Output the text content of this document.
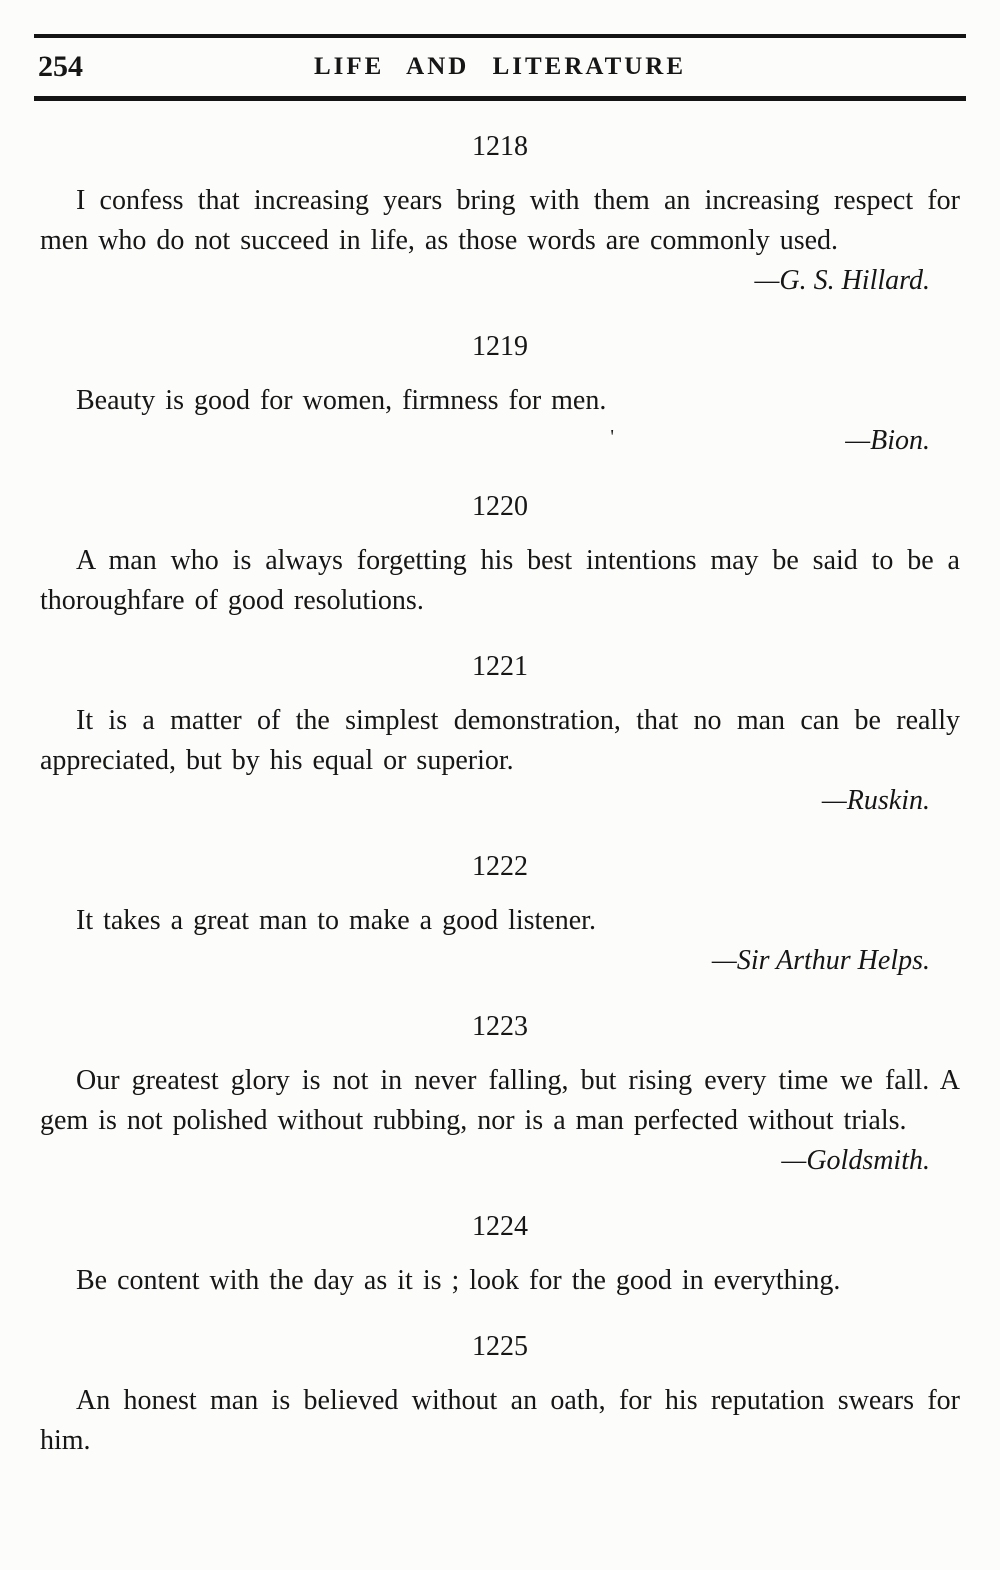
254	LIFE AND LITERATURE
1218

I confess that increasing years bring with them an increasing respect for men who do not succeed in life, as those words are commonly used.

—G. S. Hillard.
1219

Beauty is good for women, firmness for men.

'	—Bion.
1220

A man who is always forgetting his best intentions may be said to be a thoroughfare of good resolutions.

1221

It is a matter of the simplest demonstration, that no man can be really appreciated, but by his equal or superior.

—Ruskin.
1222

It takes a great man to make a good listener.

—Sir Arthur Helps.
1223

Our greatest glory is not in never falling, but rising every time we fall. A gem is not polished without rubbing, nor is a man perfected without trials.

—Goldsmith.
1224

Be content with the day as it is ; look for the good in everything.

1225

An honest man is believed without an oath, for his reputation swears for him.
